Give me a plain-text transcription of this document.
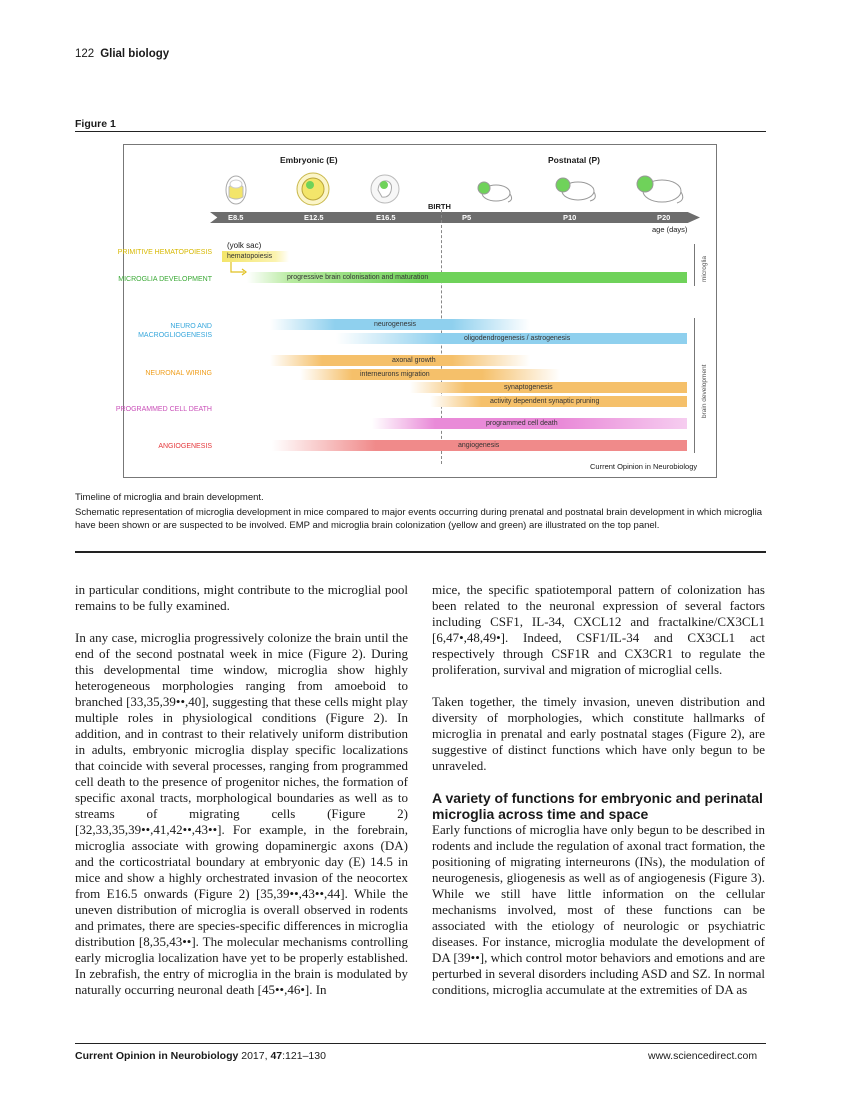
122 Glial biology
Figure 1
Embryonic (E)	Postnatal (P)
BIRTH
E8.5	E12.5	E16.5	P5	P10	P20
age (days)
PRIMITIVE HEMATOPOIESIS
MICROGLIA DEVELOPMENT
NEURO AND MACROGLIOGENESIS
NEURONAL WIRING
PROGRAMMED CELL DEATH
ANGIOGENESIS
(yolk sac)
hematopoiesis
progressive brain colonisation and maturation
neurogenesis
oligodendrogenesis / astrogenesis
axonal growth
interneurons migration
synaptogenesis
activity dependent synaptic pruning
programmed cell death
angiogenesis
microglia
brain development
Current Opinion in Neurobiology
Timeline of microglia and brain development.
Schematic representation of microglia development in mice compared to major events occurring during prenatal and postnatal brain development in which microglia have been shown or are suspected to be involved. EMP and microglia brain colonization (yellow and green) are illustrated on the top panel.

in particular conditions, might contribute to the microglial pool remains to be fully examined.

In any case, microglia progressively colonize the brain until the end of the second postnatal week in mice (Figure 2). During this developmental time window, microglia show highly heterogeneous morphologies ranging from amoeboid to branched [33,35,39••,40], suggesting that these cells might play multiple roles in physiological conditions (Figure 2). In addition, and in contrast to their relatively uniform distribution in adults, embryonic microglia display specific localizations that coincide with several processes, ranging from programmed cell death to the presence of progenitor niches, the formation of specific axonal tracts, morphological boundaries as well as to streams of migrating cells (Figure 2) [32,33,35,39••,41,42••,43••]. For example, in the forebrain, microglia associate with growing dopaminergic axons (DA) and the corticostriatal boundary at embryonic day (E) 14.5 in mice and show a highly orchestrated invasion of the neocortex from E16.5 onwards (Figure 2) [35,39••,43••,44]. While the uneven distribution of microglia is overall observed in rodents and primates, there are species-specific differences in microglia distribution [8,35,43••]. The molecular mechanisms controlling early microglia localization have yet to be properly established. In zebrafish, the entry of microglia in the brain is modulated by naturally occurring neuronal death [45••,46•]. In

mice, the specific spatiotemporal pattern of colonization has been related to the neuronal expression of several factors including CSF1, IL-34, CXCL12 and fractalkine/CX3CL1 [6,47•,48,49•]. Indeed, CSF1/IL-34 and CX3CL1 act respectively through CSF1R and CX3CR1 to regulate the proliferation, survival and migration of microglial cells.

Taken together, the timely invasion, uneven distribution and diversity of morphologies, which constitute hallmarks of microglia in prenatal and early postnatal stages (Figure 2), are suggestive of distinct functions which have only begun to be unraveled.

A variety of functions for embryonic and perinatal microglia across time and space

Early functions of microglia have only begun to be described in rodents and include the regulation of axonal tract formation, the positioning of migrating interneurons (INs), the modulation of neurogenesis, gliogenesis as well as of angiogenesis (Figure 3). While we still have little information on the cellular mechanisms involved, most of these functions can be associated with the etiology of neurologic or psychiatric diseases. For instance, microglia modulate the development of DA [39••], which control motor behaviors and emotions and are perturbed in several disorders including ASD and SZ. In normal conditions, microglia accumulate at the extremities of DA as

Current Opinion in Neurobiology 2017, 47:121–130	www.sciencedirect.com
